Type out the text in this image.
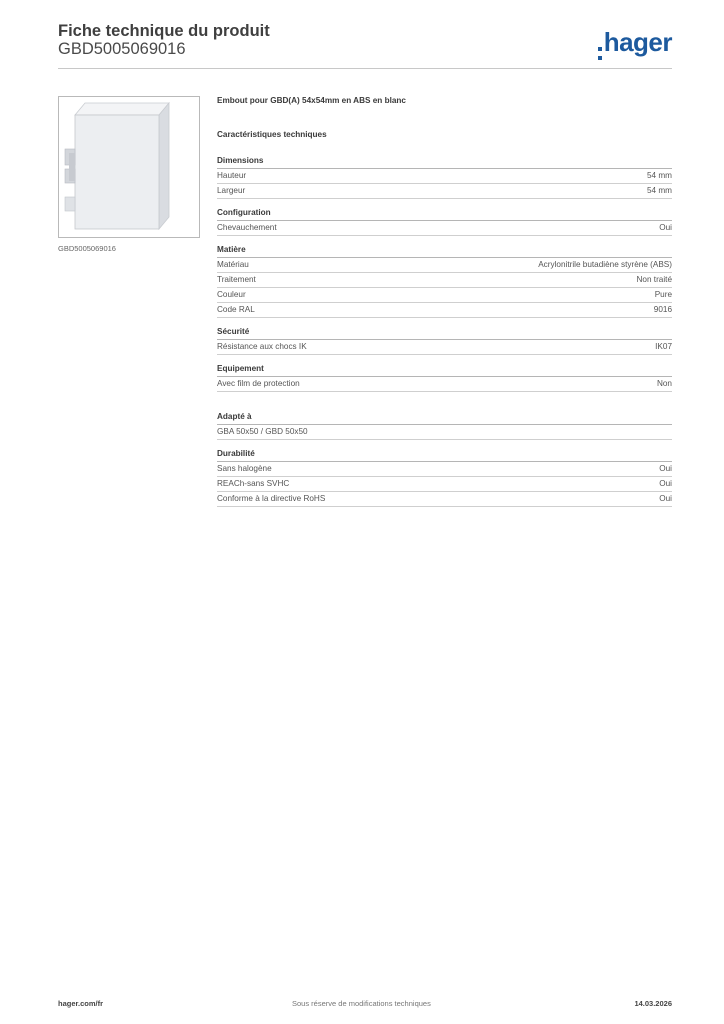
Fiche technique du produit
GBD5005069016	hager
GBD5005069016
Embout pour GBD(A) 54x54mm en ABS en blanc
Caractéristiques techniques
Dimensions
Hauteur	54 mm
Largeur	54 mm
Configuration
Chevauchement	Oui
Matière
Matériau	Acrylonitrile butadiène styrène (ABS)
Traitement	Non traité
Couleur	Pure
Code RAL	9016
Sécurité
Résistance aux chocs IK	IK07
Equipement
Avec film de protection	Non
Adapté à
GBA 50x50 / GBD 50x50
Durabilité
Sans halogène	Oui
REACh-sans SVHC	Oui
Conforme à la directive RoHS	Oui
hager.com/fr	Sous réserve de modifications techniques	14.03.2026
